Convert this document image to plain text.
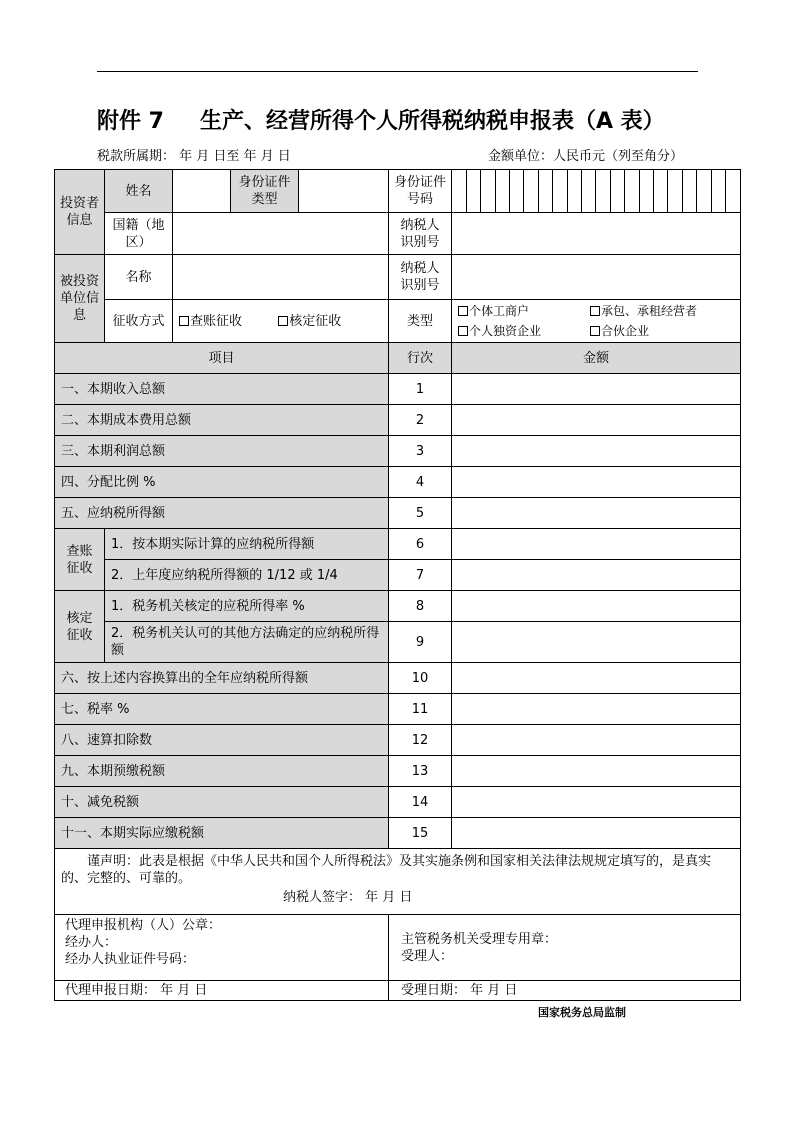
附件 7 生产、经营所得个人所得税纳税申报表（A 表）
税款所属期： 年 月 日至 年 月 日	金额单位：人民币元（列至角分）
投资者信息	姓名		身份证件类型		身份证件号码	

国籍（地区）		纳税人识别号	
被投资单位信息	名称		纳税人识别号	
征收方式	查账征收	核定征收	类型	
个体工商户	承包、承租经营者
个人独资企业	合伙企业

项目	行次	金额
一、本期收入总额	1	
二、本期成本费用总额	2	
三、本期利润总额	3	
四、分配比例 %	4	
五、应纳税所得额	5	
查账征收	1．按本期实际计算的应纳税所得额	6	
2．上年度应纳税所得额的 1/12 或 1/4	7	
核定征收	1．税务机关核定的应税所得率 %	8	
2．税务机关认可的其他方法确定的应纳税所得额	9	
六、按上述内容换算出的全年应纳税所得额	10	
七、税率 %	11	
八、速算扣除数	12	
九、本期预缴税额	13	
十、减免税额	14	
十一、本期实际应缴税额	15	
谨声明：此表是根据《中华人民共和国个人所得税法》及其实施条例和国家相关法律法规规定填写的，是真实的、完整的、可靠的。
纳税人签字： 年 月 日

代理申报机构（人）公章：
经办人：
经办人执业证件号码：

主管税务机关受理专用章：
受理人：

代理申报日期： 年 月 日	受理日期： 年 月 日
国家税务总局监制
